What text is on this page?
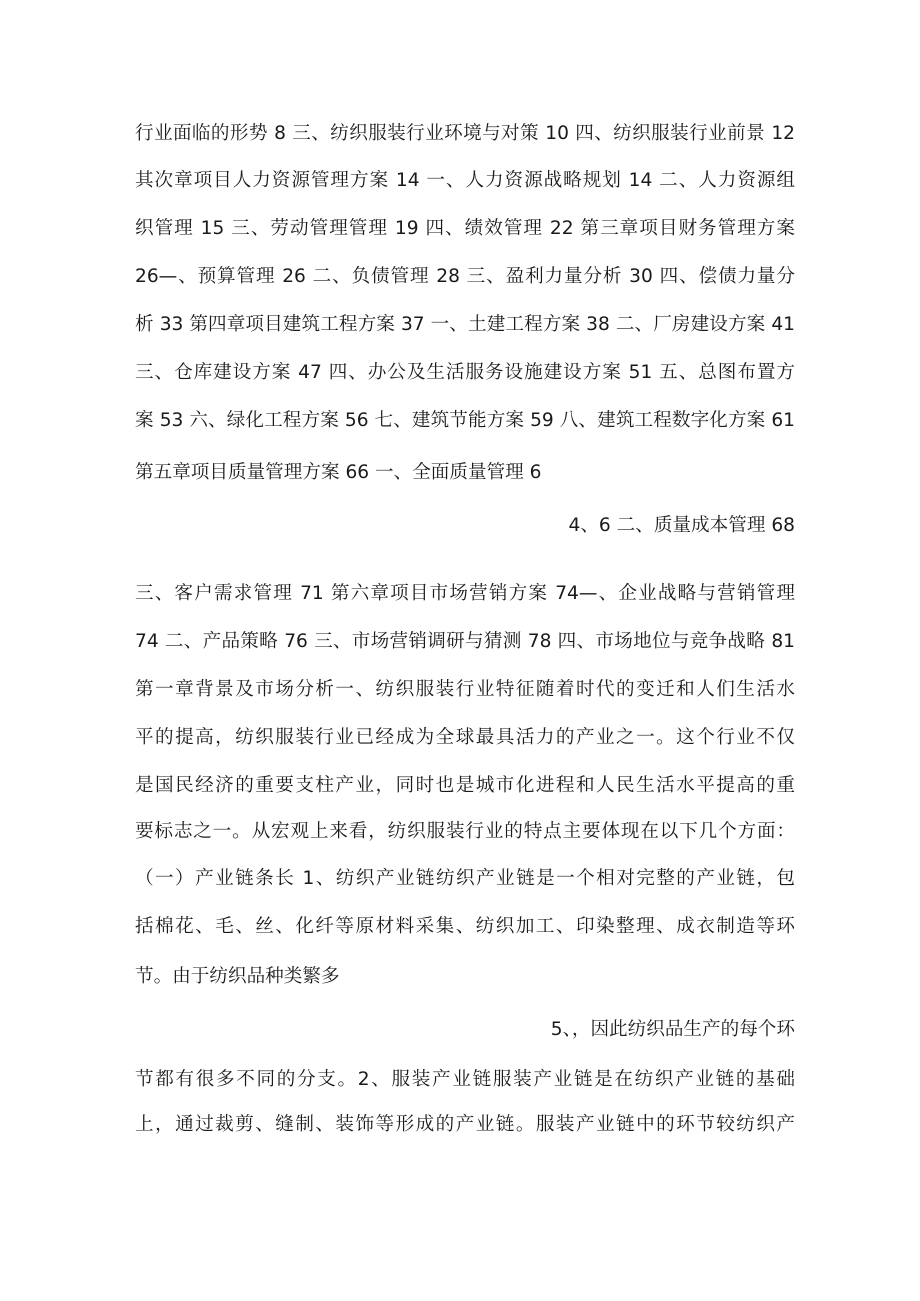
行业面临的形势 8 三、纺织服装行业环境与对策 10 四、纺织服装行业前景 12
其次章项目人力资源管理方案 14 一、人力资源战略规划 14 二、人力资源组
织管理 15 三、劳动管理管理 19 四、绩效管理 22 第三章项目财务管理方案
26—、预算管理 26 二、负债管理 28 三、盈利力量分析 30 四、偿债力量分
析 33 第四章项目建筑工程方案 37 一、土建工程方案 38 二、厂房建设方案 41
三、仓库建设方案 47 四、办公及生活服务设施建设方案 51 五、总图布置方
案 53 六、绿化工程方案 56 七、建筑节能方案 59 八、建筑工程数字化方案 61
第五章项目质量管理方案 66 一、全面质量管理 6
4、6 二、质量成本管理 68
三、客户需求管理 71 第六章项目市场营销方案 74—、企业战略与营销管理
74 二、产品策略 76 三、市场营销调研与猜测 78 四、市场地位与竞争战略 81
第一章背景及市场分析一、纺织服装行业特征随着时代的变迁和人们生活水
平的提高，纺织服装行业已经成为全球最具活力的产业之一。这个行业不仅
是国民经济的重要支柱产业，同时也是城市化进程和人民生活水平提高的重
要标志之一。从宏观上来看，纺织服装行业的特点主要体现在以下几个方面：
（一）产业链条长 1、纺织产业链纺织产业链是一个相对完整的产业链，包
括棉花、毛、丝、化纤等原材料采集、纺织加工、印染整理、成衣制造等环
节。由于纺织品种类繁多
5、，因此纺织品生产的每个环
节都有很多不同的分支。2、服装产业链服装产业链是在纺织产业链的基础
上，通过裁剪、缝制、装饰等形成的产业链。服装产业链中的环节较纺织产
